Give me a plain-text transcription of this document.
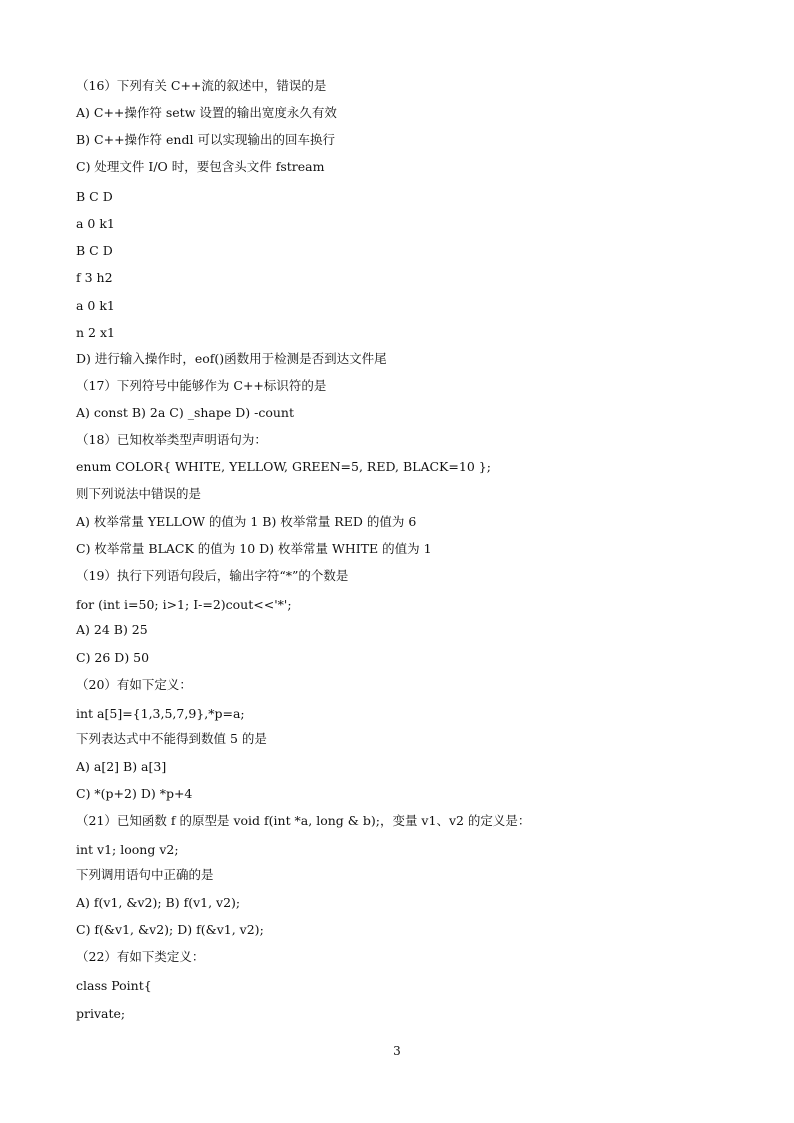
（16）下列有关 C++流的叙述中，错误的是
A) C++操作符 setw 设置的输出宽度永久有效
B) C++操作符 endl 可以实现输出的回车换行
C) 处理文件 I/O 时，要包含头文件 fstream
B C D
a 0 k1
B C D
f 3 h2
a 0 k1
n 2 x1
D) 进行输入操作时，eof()函数用于检测是否到达文件尾
（17）下列符号中能够作为 C++标识符的是
A) const B) 2a C) _shape D) -count
（18）已知枚举类型声明语句为：
enum COLOR{ WHITE, YELLOW, GREEN=5, RED, BLACK=10 };
则下列说法中错误的是
A) 枚举常量 YELLOW 的值为 1 B) 枚举常量 RED 的值为 6
C) 枚举常量 BLACK 的值为 10 D) 枚举常量 WHITE 的值为 1
（19）执行下列语句段后，输出字符“*”的个数是
for (int i=50; i>1; I-=2)cout<<'*';
A) 24 B) 25
C) 26 D) 50
（20）有如下定义：
int a[5]={1,3,5,7,9},*p=a;
下列表达式中不能得到数值 5 的是
A) a[2] B) a[3]
C) *(p+2) D) *p+4
（21）已知函数 f 的原型是 void f(int *a, long & b);，变量 v1、v2 的定义是：
int v1; loong v2;
下列调用语句中正确的是
A) f(v1, &v2); B) f(v1, v2);
C) f(&v1, &v2); D) f(&v1, v2);
（22）有如下类定义：
class Point{
private;
3
